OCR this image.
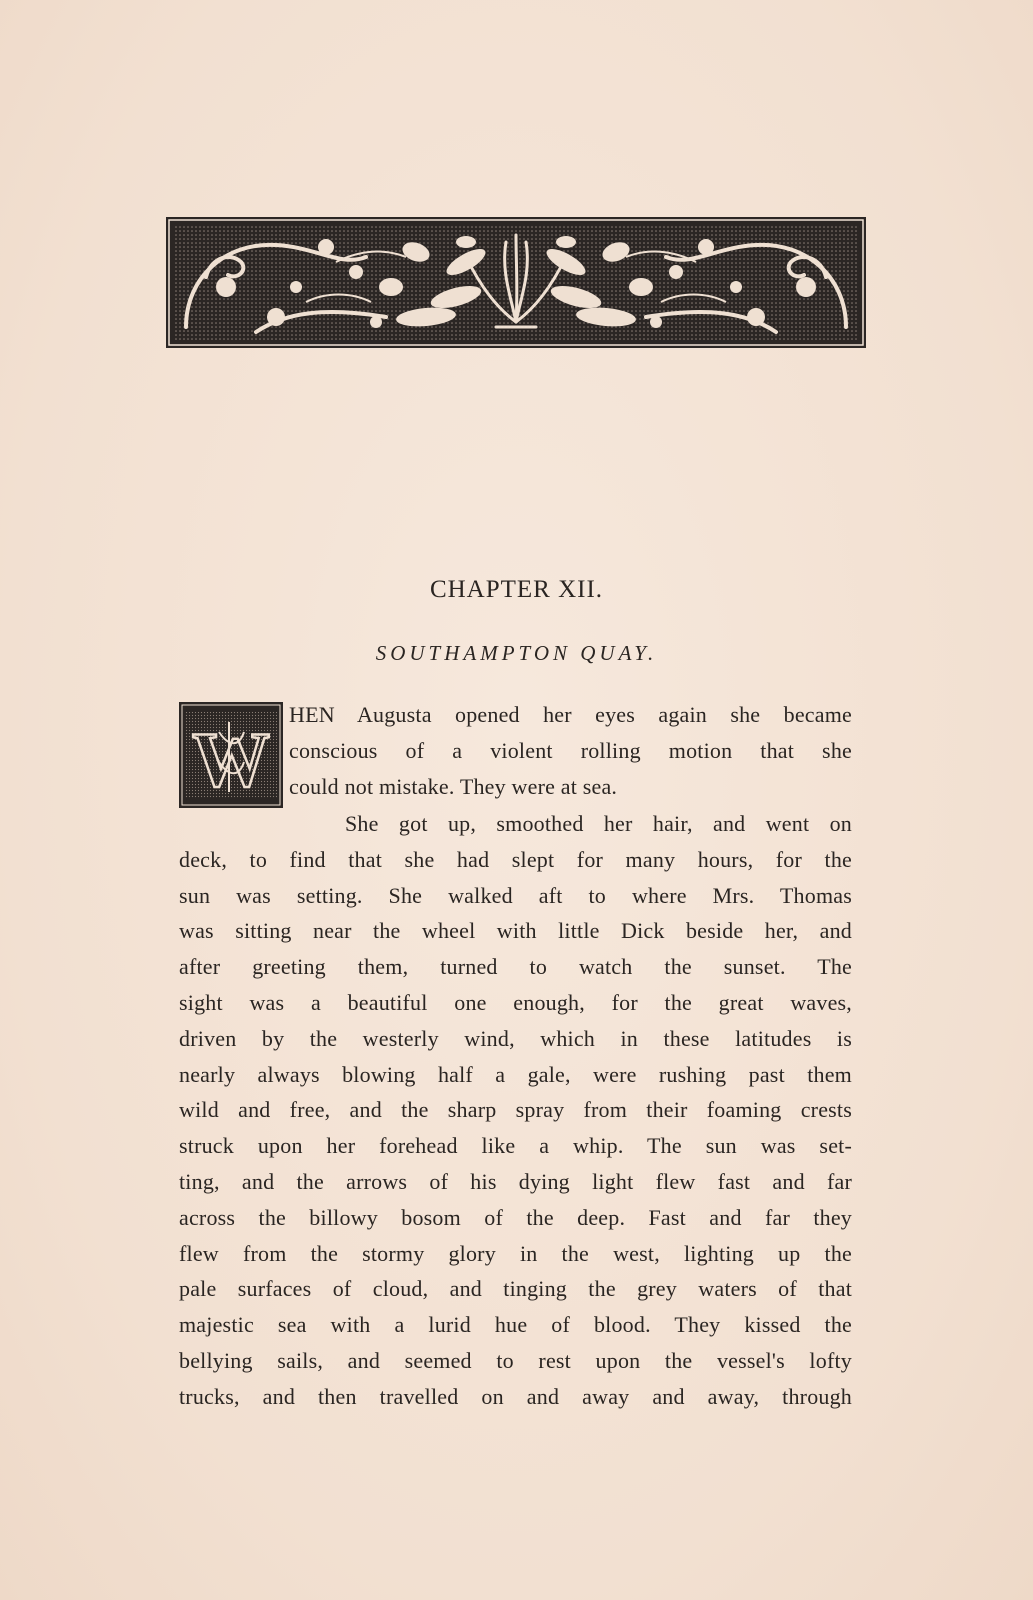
CHAPTER XII.
SOUTHAMPTON QUAY.
W
HEN Augusta opened her eyes again she became
conscious of a violent rolling motion that she
could not mistake. They were at sea.
She got up, smoothed her hair, and went on
deck, to find that she had slept for many hours, for the
sun was setting. She walked aft to where Mrs. Thomas
was sitting near the wheel with little Dick beside her, and
after greeting them, turned to watch the sunset. The
sight was a beautiful one enough, for the great waves,
driven by the westerly wind, which in these latitudes is
nearly always blowing half a gale, were rushing past them
wild and free, and the sharp spray from their foaming crests
struck upon her forehead like a whip. The sun was set-
ting, and the arrows of his dying light flew fast and far
across the billowy bosom of the deep. Fast and far they
flew from the stormy glory in the west, lighting up the
pale surfaces of cloud, and tinging the grey waters of that
majestic sea with a lurid hue of blood. They kissed the
bellying sails, and seemed to rest upon the vessel's lofty
trucks, and then travelled on and away and away, through
